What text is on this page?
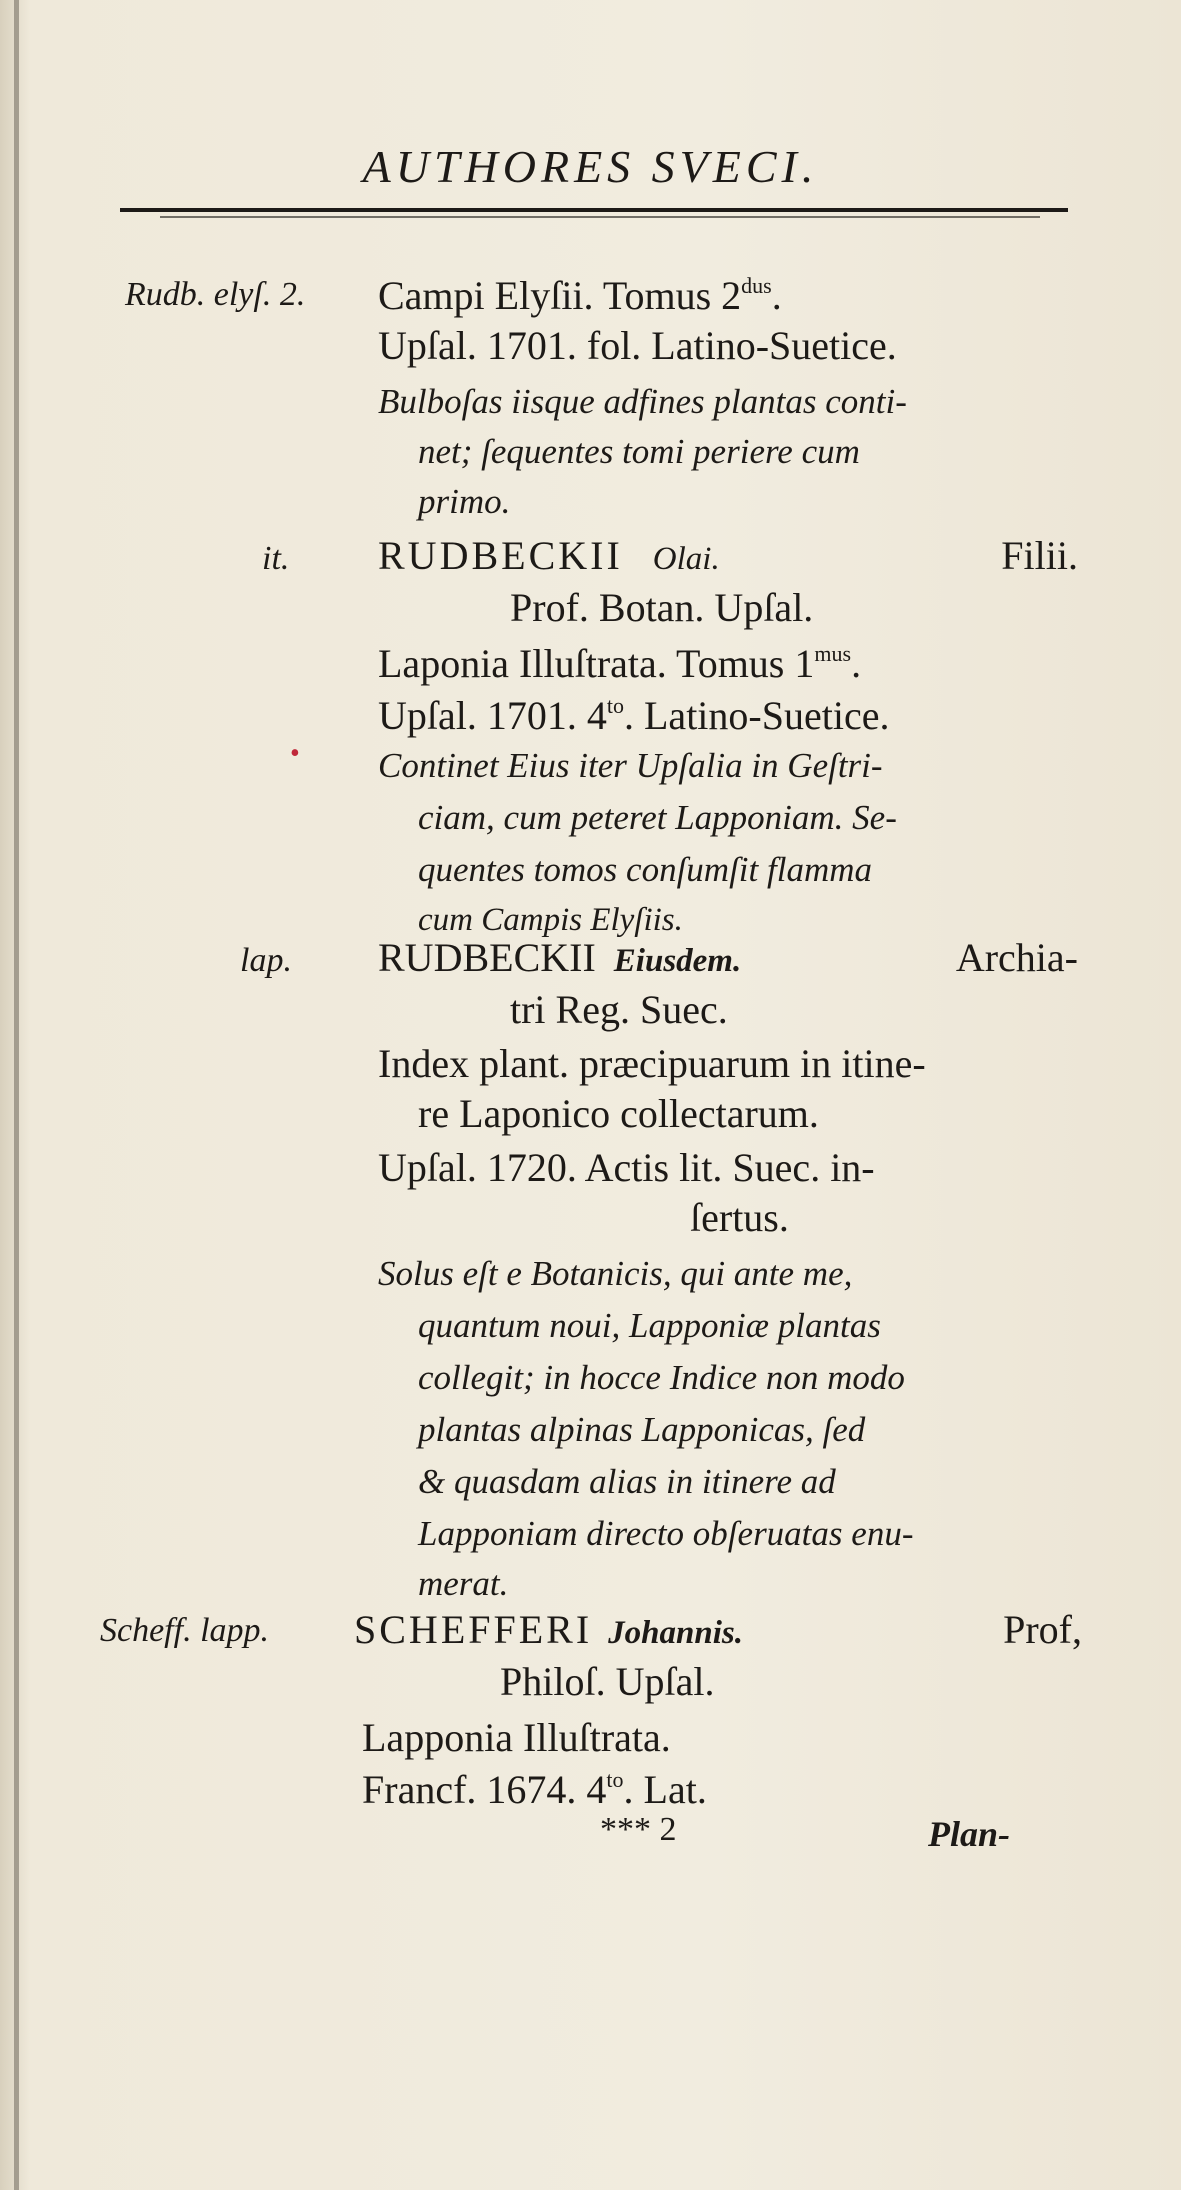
AUTHORES SVECI.
Rudb. elyſ. 2. Campi Elyſii. Tomus $2^{dus}$.
Upſal. 1701. fol. Latino-Suetice.
Bulboſas iisque adfines plantas conti-
net; ſequentes tomi periere cum
primo.
it. RUDBECKII Olai.	Filii.
Prof. Botan. Upſal.
Laponia Illuſtrata. Tomus $1^{mus}$.
Upſal. 1701. $4^{to}$. Latino-Suetice.
• Continet Eius iter Upſalia in Geſtri-
ciam, cum peteret Lapponiam. Se-
quentes tomos conſumſit flamma
cum Campis Elyſiis.
lap. RUDBECKII Eiusdem.	Archia-
tri Reg. Suec.
Index plant. præcipuarum in itine-
re Laponico collectarum.
Upſal. 1720. Actis lit. Suec. in-
ſertus.
Solus eſt e Botanicis, qui ante me,
quantum noui, Lapponiæ plantas
collegit; in hocce Indice non modo
plantas alpinas Lapponicas, ſed
& quasdam alias in itinere ad
Lapponiam directo obſeruatas enu-
merat.
Scheff. lapp. SCHEFFERI Johannis.	Prof,
Philoſ. Upſal.
Lapponia Illuſtrata.
Francf. 1674. $4^{to}$. Lat.
*** 2	Plan-
